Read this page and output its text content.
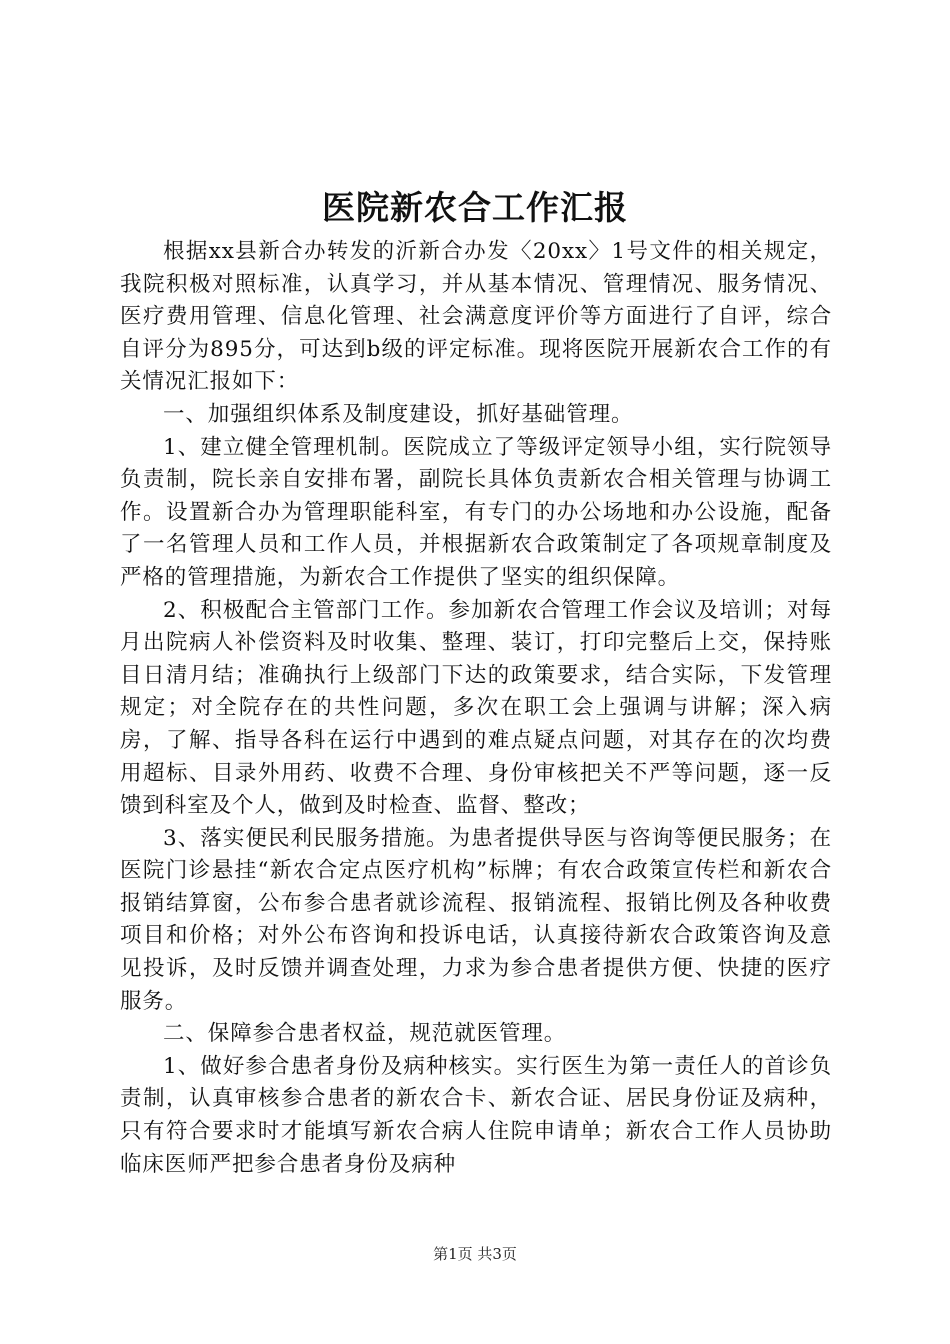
医院新农合工作汇报

根据xx县新合办转发的沂新合办发〈20xx〉1号文件的相关规定，我院积极对照标准，认真学习，并从基本情况、管理情况、服务情况、医疗费用管理、信息化管理、社会满意度评价等方面进行了自评，综合自评分为895分，可达到b级的评定标准。现将医院开展新农合工作的有关情况汇报如下：

一、加强组织体系及制度建设，抓好基础管理。

1、建立健全管理机制。医院成立了等级评定领导小组，实行院领导负责制，院长亲自安排布署，副院长具体负责新农合相关管理与协调工作。设置新合办为管理职能科室，有专门的办公场地和办公设施，配备了一名管理人员和工作人员，并根据新农合政策制定了各项规章制度及严格的管理措施，为新农合工作提供了坚实的组织保障。

2、积极配合主管部门工作。参加新农合管理工作会议及培训；对每月出院病人补偿资料及时收集、整理、装订，打印完整后上交，保持账目日清月结；准确执行上级部门下达的政策要求，结合实际，下发管理规定；对全院存在的共性问题，多次在职工会上强调与讲解；深入病房，了解、指导各科在运行中遇到的难点疑点问题，对其存在的次均费用超标、目录外用药、收费不合理、身份审核把关不严等问题，逐一反馈到科室及个人，做到及时检查、监督、整改；

3、落实便民利民服务措施。为患者提供导医与咨询等便民服务；在医院门诊悬挂“新农合定点医疗机构”标牌；有农合政策宣传栏和新农合报销结算窗，公布参合患者就诊流程、报销流程、报销比例及各种收费项目和价格；对外公布咨询和投诉电话，认真接待新农合政策咨询及意见投诉，及时反馈并调查处理，力求为参合患者提供方便、快捷的医疗服务。

二、保障参合患者权益，规范就医管理。

1、做好参合患者身份及病种核实。实行医生为第一责任人的首诊负责制，认真审核参合患者的新农合卡、新农合证、居民身份证及病种，只有符合要求时才能填写新农合病人住院申请单；新农合工作人员协助临床医师严把参合患者身份及病种

第1页 共3页
